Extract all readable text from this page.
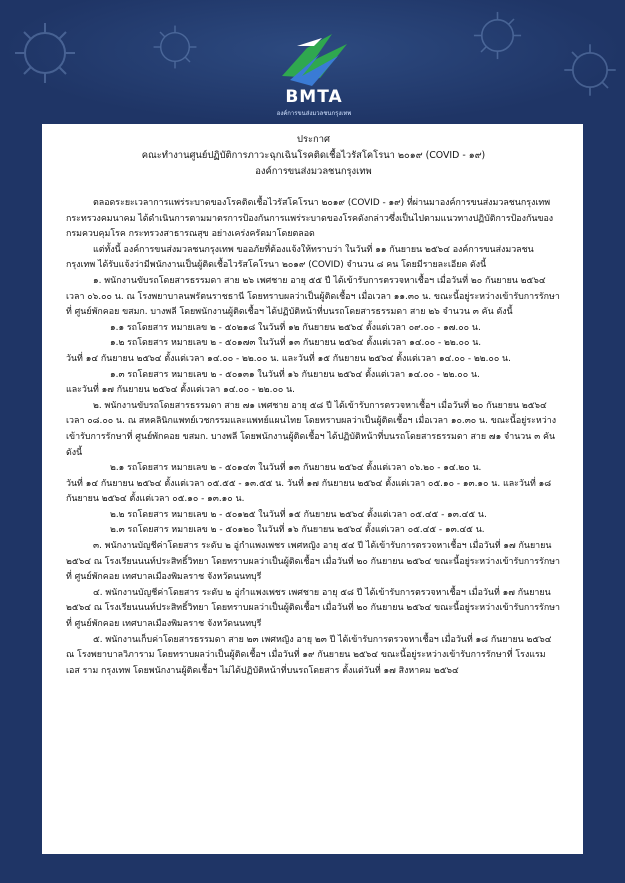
BMTA
องค์การขนส่งมวลชนกรุงเทพ
ประกาศ
คณะทำงานศูนย์ปฏิบัติการภาวะฉุกเฉินโรคติดเชื้อไวรัสโคโรนา ๒๐๑๙ (COVID - ๑๙)
องค์การขนส่งมวลชนกรุงเทพ

ตลอดระยะเวลาการแพร่ระบาดของโรคติดเชื้อไวรัสโคโรนา ๒๐๑๙ (COVID - ๑๙) ที่ผ่านมาองค์การขนส่งมวลชนกรุงเทพ กระทรวงคมนาคม ได้ดำเนินการตามมาตรการป้องกันการแพร่ระบาดของโรคดังกล่าวซึ่งเป็นไปตามแนวทางปฏิบัติการป้องกันของกรมควบคุมโรค กระทรวงสาธารณสุข อย่างเคร่งครัดมาโดยตลอด

แต่ทั้งนี้ องค์การขนส่งมวลชนกรุงเทพ ขออภัยที่ต้องแจ้งให้ทราบว่า ในวันที่ ๑๑ กันยายน ๒๕๖๔ องค์การขนส่งมวลชนกรุงเทพ ได้รับแจ้งว่ามีพนักงานเป็นผู้ติดเชื้อไวรัสโคโรนา ๒๐๑๙ (COVID) จำนวน ๘ คน โดยมีรายละเอียด ดังนี้

๑. พนักงานขับรถโดยสารธรรมดา สาย ๒๖ เพศชาย อายุ ๕๕ ปี ได้เข้ารับการตรวจหาเชื้อฯ เมื่อวันที่ ๒๐ กันยายน ๒๕๖๔ เวลา ๐๖.๐๐ น. ณ โรงพยาบาลนพรัตนราชธานี โดยทราบผลว่าเป็นผู้ติดเชื้อฯ เมื่อเวลา ๑๑.๓๐ น. ขณะนี้อยู่ระหว่างเข้ารับการรักษาที่ ศูนย์พักคอย ขสมก. บางพลี โดยพนักงานผู้ติดเชื้อฯ ได้ปฏิบัติหน้าที่บนรถโดยสารธรรมดา สาย ๒๖ จำนวน ๓ คัน ดังนี้

๑.๑ รถโดยสาร หมายเลข ๒ - ๕๐๒๑๘ ในวันที่ ๑๒ กันยายน ๒๕๖๔ ตั้งแต่เวลา ๐๙.๐๐ - ๑๗.๐๐ น.

๑.๒ รถโดยสาร หมายเลข ๒ - ๕๐๑๗๓ ในวันที่ ๑๓ กันยายน ๒๕๖๔ ตั้งแต่เวลา ๑๔.๐๐ - ๒๒.๐๐ น.

วันที่ ๑๔ กันยายน ๒๕๖๔ ตั้งแต่เวลา ๑๔.๐๐ - ๒๒.๐๐ น. และวันที่ ๑๕ กันยายน ๒๕๖๔ ตั้งแต่เวลา ๑๔.๐๐ - ๒๒.๐๐ น.

๑.๓ รถโดยสาร หมายเลข ๒ - ๕๐๑๓๑ ในวันที่ ๑๖ กันยายน ๒๕๖๔ ตั้งแต่เวลา ๑๔.๐๐ - ๒๒.๐๐ น.

และวันที่ ๑๗ กันยายน ๒๕๖๔ ตั้งแต่เวลา ๑๔.๐๐ - ๒๒.๐๐ น.

๒. พนักงานขับรถโดยสารธรรมดา สาย ๗๑ เพศชาย อายุ ๕๘ ปี ได้เข้ารับการตรวจหาเชื้อฯ เมื่อวันที่ ๒๐ กันยายน ๒๕๖๔ เวลา ๐๘.๐๐ น. ณ สหคลินิกแพทย์เวชกรรมและแพทย์แผนไทย โดยทราบผลว่าเป็นผู้ติดเชื้อฯ เมื่อเวลา ๑๐.๓๐ น. ขณะนี้อยู่ระหว่างเข้ารับการรักษาที่ ศูนย์พักคอย ขสมก. บางพลี โดยพนักงานผู้ติดเชื้อฯ ได้ปฏิบัติหน้าที่บนรถโดยสารธรรมดา สาย ๗๑ จำนวน ๓ คัน ดังนี้

๒.๑ รถโดยสาร หมายเลข ๒ - ๕๐๑๔๓ ในวันที่ ๑๓ กันยายน ๒๕๖๔ ตั้งแต่เวลา ๐๖.๒๐ - ๑๔.๒๐ น.

วันที่ ๑๔ กันยายน ๒๕๖๔ ตั้งแต่เวลา ๐๕.๕๕ - ๑๓.๕๕ น. วันที่ ๑๗ กันยายน ๒๕๖๔ ตั้งแต่เวลา ๐๕.๑๐ - ๑๓.๑๐ น. และวันที่ ๑๘ กันยายน ๒๕๖๔ ตั้งแต่เวลา ๐๕.๑๐ - ๑๓.๑๐ น.

๒.๒ รถโดยสาร หมายเลข ๒ - ๕๐๑๒๕ ในวันที่ ๑๕ กันยายน ๒๕๖๔ ตั้งแต่เวลา ๐๕.๔๕ - ๑๓.๔๕ น.

๒.๓ รถโดยสาร หมายเลข ๒ - ๕๐๑๒๐ ในวันที่ ๑๖ กันยายน ๒๕๖๔ ตั้งแต่เวลา ๐๕.๔๕ - ๑๓.๔๕ น.

๓. พนักงานบัญชีค่าโดยสาร ระดับ ๒ อู่กำแพงเพชร เพศหญิง อายุ ๕๔ ปี ได้เข้ารับการตรวจหาเชื้อฯ เมื่อวันที่ ๑๗ กันยายน ๒๕๖๔ ณ โรงเรียนนนท์ประสิทธิ์วิทยา โดยทราบผลว่าเป็นผู้ติดเชื้อฯ เมื่อวันที่ ๒๐ กันยายน ๒๕๖๔ ขณะนี้อยู่ระหว่างเข้ารับการรักษาที่ ศูนย์พักคอย เทศบาลเมืองพิมลราช จังหวัดนนทบุรี

๔. พนักงานบัญชีค่าโดยสาร ระดับ ๒ อู่กำแพงเพชร เพศชาย อายุ ๕๘ ปี ได้เข้ารับการตรวจหาเชื้อฯ เมื่อวันที่ ๑๗ กันยายน ๒๕๖๔ ณ โรงเรียนนนท์ประสิทธิ์วิทยา โดยทราบผลว่าเป็นผู้ติดเชื้อฯ เมื่อวันที่ ๒๐ กันยายน ๒๕๖๔ ขณะนี้อยู่ระหว่างเข้ารับการรักษาที่ ศูนย์พักคอย เทศบาลเมืองพิมลราช จังหวัดนนทบุรี

๕. พนักงานเก็บค่าโดยสารธรรมดา สาย ๒๓ เพศหญิง อายุ ๒๓ ปี ได้เข้ารับการตรวจหาเชื้อฯ เมื่อวันที่ ๑๘ กันยายน ๒๕๖๔ ณ โรงพยาบาลวิภาราม โดยทราบผลว่าเป็นผู้ติดเชื้อฯ เมื่อวันที่ ๑๙ กันยายน ๒๕๖๔ ขณะนี้อยู่ระหว่างเข้ารับการรักษาที่ โรงแรม เอส ราม กรุงเทพ โดยพนักงานผู้ติดเชื้อฯ ไม่ได้ปฏิบัติหน้าที่บนรถโดยสาร ตั้งแต่วันที่ ๑๗ สิงหาคม ๒๕๖๔
